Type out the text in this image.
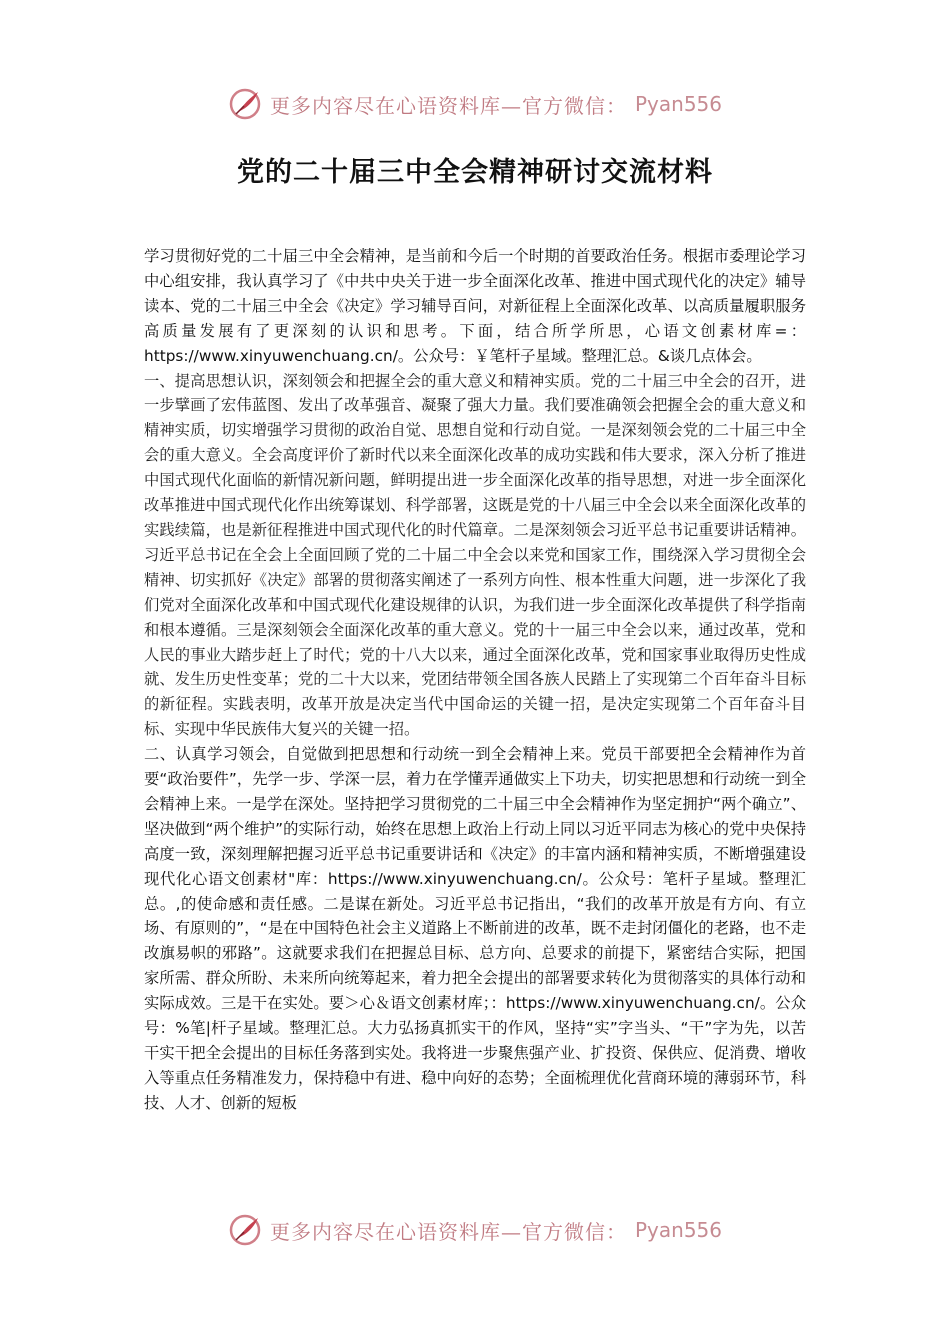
更多内容尽在心语资料库—官方微信： Pyan556
党的二十届三中全会精神研讨交流材料

学习贯彻好党的二十届三中全会精神，是当前和今后一个时期的首要政治任务。根据市委理论学习中心组安排，我认真学习了《中共中央关于进一步全面深化改革、推进中国式现代化的决定》辅导读本、党的二十届三中全会《决定》学习辅导百问，对新征程上全面深化改革、以高质量履职服务高质量发展有了更深刻的认识和思考。下面，结合所学所思，心语文创素材库=：https://www.xinyuwenchuang.cn/。公众号：￥笔杆子星域。整理汇总。&谈几点体会。

一、提高思想认识，深刻领会和把握全会的重大意义和精神实质。党的二十届三中全会的召开，进一步擘画了宏伟蓝图、发出了改革强音、凝聚了强大力量。我们要准确领会把握全会的重大意义和精神实质，切实增强学习贯彻的政治自觉、思想自觉和行动自觉。一是深刻领会党的二十届三中全会的重大意义。全会高度评价了新时代以来全面深化改革的成功实践和伟大要求，深入分析了推进中国式现代化面临的新情况新问题，鲜明提出进一步全面深化改革的指导思想，对进一步全面深化改革推进中国式现代化作出统筹谋划、科学部署，这既是党的十八届三中全会以来全面深化改革的实践续篇，也是新征程推进中国式现代化的时代篇章。二是深刻领会习近平总书记重要讲话精神。习近平总书记在全会上全面回顾了党的二十届二中全会以来党和国家工作，围绕深入学习贯彻全会精神、切实抓好《决定》部署的贯彻落实阐述了一系列方向性、根本性重大问题，进一步深化了我们党对全面深化改革和中国式现代化建设规律的认识，为我们进一步全面深化改革提供了科学指南和根本遵循。三是深刻领会全面深化改革的重大意义。党的十一届三中全会以来，通过改革，党和人民的事业大踏步赶上了时代；党的十八大以来，通过全面深化改革，党和国家事业取得历史性成就、发生历史性变革；党的二十大以来，党团结带领全国各族人民踏上了实现第二个百年奋斗目标的新征程。实践表明，改革开放是决定当代中国命运的关键一招，是决定实现第二个百年奋斗目标、实现中华民族伟大复兴的关键一招。

二、认真学习领会，自觉做到把思想和行动统一到全会精神上来。党员干部要把全会精神作为首要“政治要件”，先学一步、学深一层，着力在学懂弄通做实上下功夫，切实把思想和行动统一到全会精神上来。一是学在深处。坚持把学习贯彻党的二十届三中全会精神作为坚定拥护“两个确立”、坚决做到“两个维护”的实际行动，始终在思想上政治上行动上同以习近平同志为核心的党中央保持高度一致，深刻理解把握习近平总书记重要讲话和《决定》的丰富内涵和精神实质，不断增强建设现代化心语文创素材"库：https://www.xinyuwenchuang.cn/。公众号：笔杆子星域。整理汇总。,的使命感和责任感。二是谋在新处。习近平总书记指出，“我们的改革开放是有方向、有立场、有原则的”，“是在中国特色社会主义道路上不断前进的改革，既不走封闭僵化的老路，也不走改旗易帜的邪路”。这就要求我们在把握总目标、总方向、总要求的前提下，紧密结合实际，把国家所需、群众所盼、未来所向统筹起来，着力把全会提出的部署要求转化为贯彻落实的具体行动和实际成效。三是干在实处。要＞心＆语文创素材库；：https://www.xinyuwenchuang.cn/。公众号：%笔|杆子星域。整理汇总。大力弘扬真抓实干的作风，坚持“实”字当头、“干”字为先，以苦干实干把全会提出的目标任务落到实处。我将进一步聚焦强产业、扩投资、保供应、促消费、增收入等重点任务精准发力，保持稳中有进、稳中向好的态势；全面梳理优化营商环境的薄弱环节，科技、人才、创新的短板

更多内容尽在心语资料库—官方微信： Pyan556
